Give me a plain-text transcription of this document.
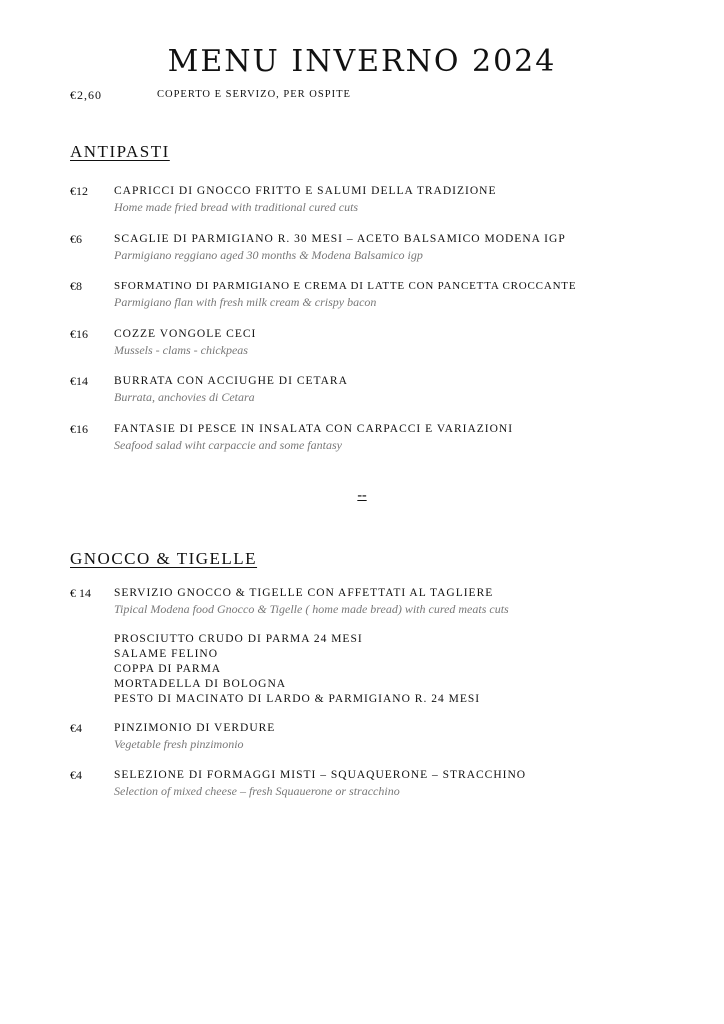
MENU INVERNO 2024
€2,60	COPERTO E SERVIZO, PER OSPITE
ANTIPASTI
€12 CAPRICCI DI GNOCCO FRITTO E SALUMI DELLA TRADIZIONE
Home made fried bread with traditional cured cuts
€6	SCAGLIE DI PARMIGIANO R. 30 MESI – ACETO BALSAMICO MODENA IGP
Parmigiano reggiano aged 30 months & Modena Balsamico igp
€8	SFORMATINO DI PARMIGIANO E CREMA DI LATTE CON PANCETTA CROCCANTE
Parmigiano flan with fresh milk cream & crispy bacon
€16 COZZE VONGOLE CECI
Mussels - clams - chickpeas
€14 BURRATA CON ACCIUGHE DI CETARA
Burrata, anchovies di Cetara
€16 FANTASIE DI PESCE IN INSALATA CON CARPACCI E VARIAZIONI
Seafood salad wiht carpaccie and some fantasy
--
GNOCCO & TIGELLE
€ 14 SERVIZIO GNOCCO & TIGELLE CON AFFETTATI AL TAGLIERE
Tipical Modena food Gnocco & Tigelle ( home made bread) with cured meats cuts
PROSCIUTTO CRUDO DI PARMA 24 MESI
SALAME FELINO
COPPA DI PARMA
MORTADELLA DI BOLOGNA
PESTO DI MACINATO DI LARDO & PARMIGIANO R. 24 MESI
€4	PINZIMONIO DI VERDURE
Vegetable fresh pinzimonio
€4	SELEZIONE DI FORMAGGI MISTI – SQUAQUERONE – STRACCHINO
Selection of mixed cheese – fresh Squauerone or stracchino
